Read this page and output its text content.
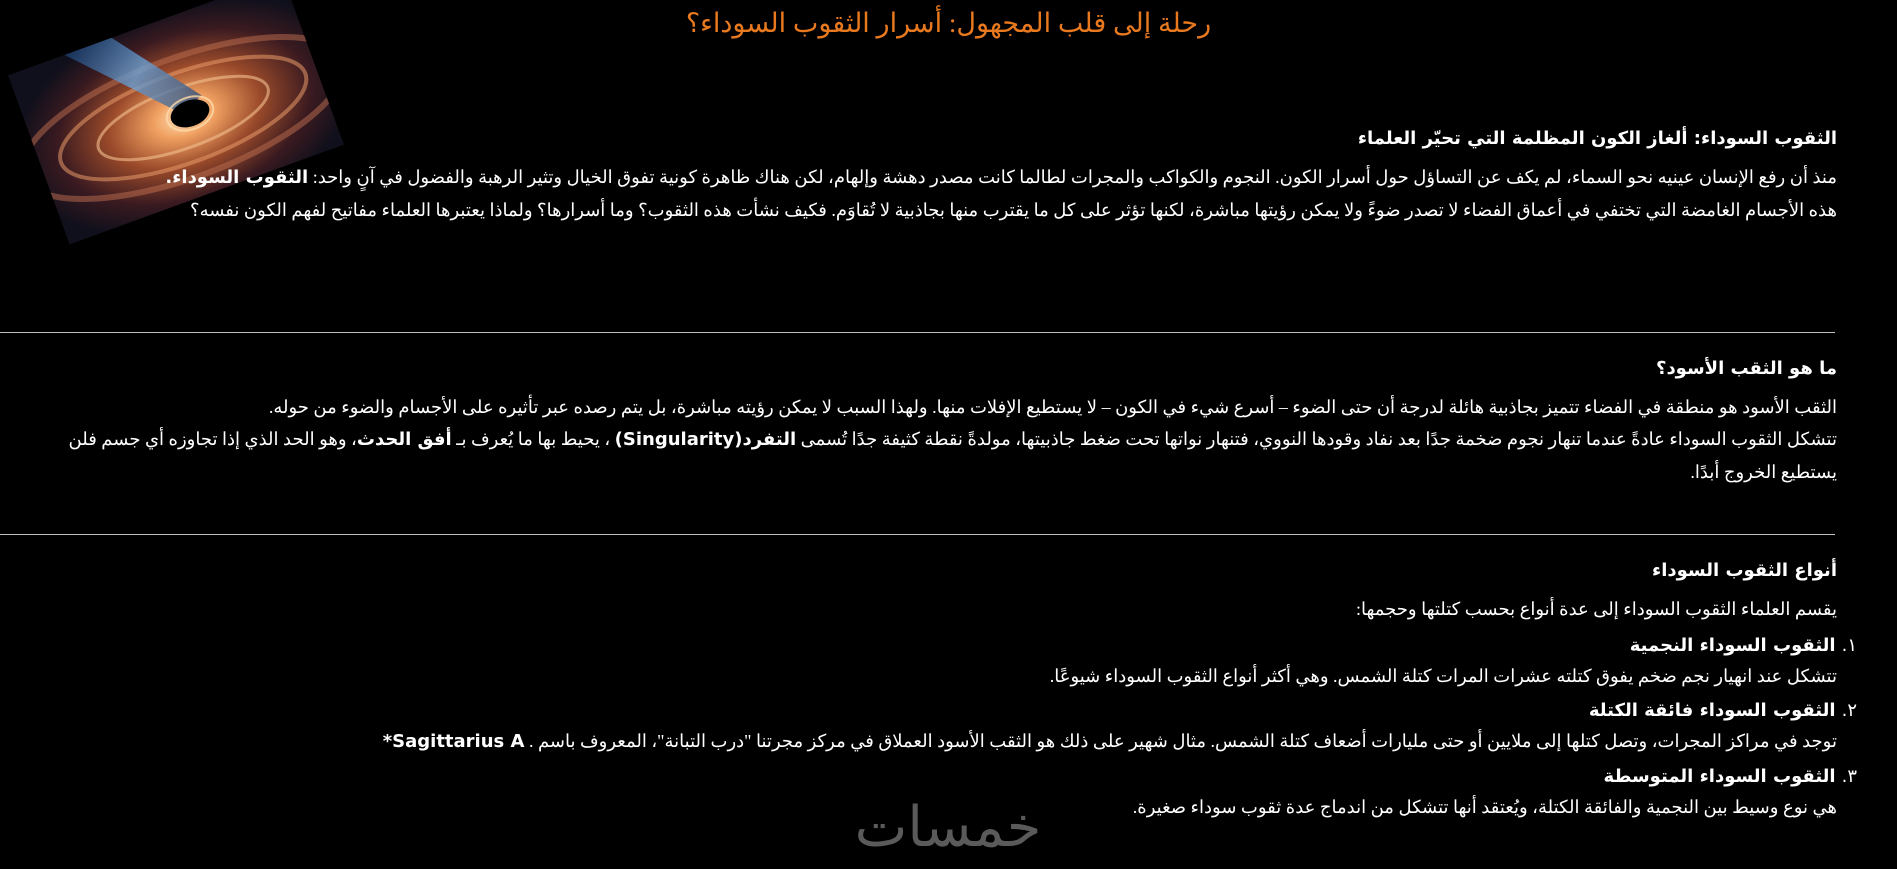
رحلة إلى قلب المجهول: أسرار الثقوب السوداء؟

الثقوب السوداء: ألغاز الكون المظلمة التي تحيّر العلماء

منذ أن رفع الإنسان عينيه نحو السماء، لم يكف عن التساؤل حول أسرار الكون. النجوم والكواكب والمجرات لطالما كانت مصدر دهشة وإلهام، لكن هناك ظاهرة كونية تفوق الخيال وتثير الرهبة والفضول في آنٍ واحد: الثقوب السوداء.

هذه الأجسام الغامضة التي تختفي في أعماق الفضاء لا تصدر ضوءً ولا يمكن رؤيتها مباشرة، لكنها تؤثر على كل ما يقترب منها بجاذبية لا تُقاوَم. فكيف نشأت هذه الثقوب؟ وما أسرارها؟ ولماذا يعتبرها العلماء مفاتيح لفهم الكون نفسه؟

ما هو الثقب الأسود؟

الثقب الأسود هو منطقة في الفضاء تتميز بجاذبية هائلة لدرجة أن حتى الضوء – أسرع شيء في الكون – لا يستطيع الإفلات منها. ولهذا السبب لا يمكن رؤيته مباشرة، بل يتم رصده عبر تأثيره على الأجسام والضوء من حوله.

تتشكل الثقوب السوداء عادةً عندما تنهار نجوم ضخمة جدًا بعد نفاد وقودها النووي، فتنهار نواتها تحت ضغط جاذبيتها، مولدةً نقطة كثيفة جدًا تُسمى التفرد(Singularity) ، يحيط بها ما يُعرف بـ أفق الحدث، وهو الحد الذي إذا تجاوزه أي جسم فلن يستطيع الخروج أبدًا.

أنواع الثقوب السوداء

يقسم العلماء الثقوب السوداء إلى عدة أنواع بحسب كتلتها وحجمها:

١.الثقوب السوداء النجمية

تتشكل عند انهيار نجم ضخم يفوق كتلته عشرات المرات كتلة الشمس. وهي أكثر أنواع الثقوب السوداء شيوعًا.

٢.الثقوب السوداء فائقة الكتلة

توجد في مراكز المجرات، وتصل كتلها إلى ملايين أو حتى مليارات أضعاف كتلة الشمس. مثال شهير على ذلك هو الثقب الأسود العملاق في مركز مجرتنا "درب التبانة"، المعروف باسم . Sagittarius A*

٣.الثقوب السوداء المتوسطة

هي نوع وسيط بين النجمية والفائقة الكتلة، ويُعتقد أنها تتشكل من اندماج عدة ثقوب سوداء صغيرة.

خمسات
